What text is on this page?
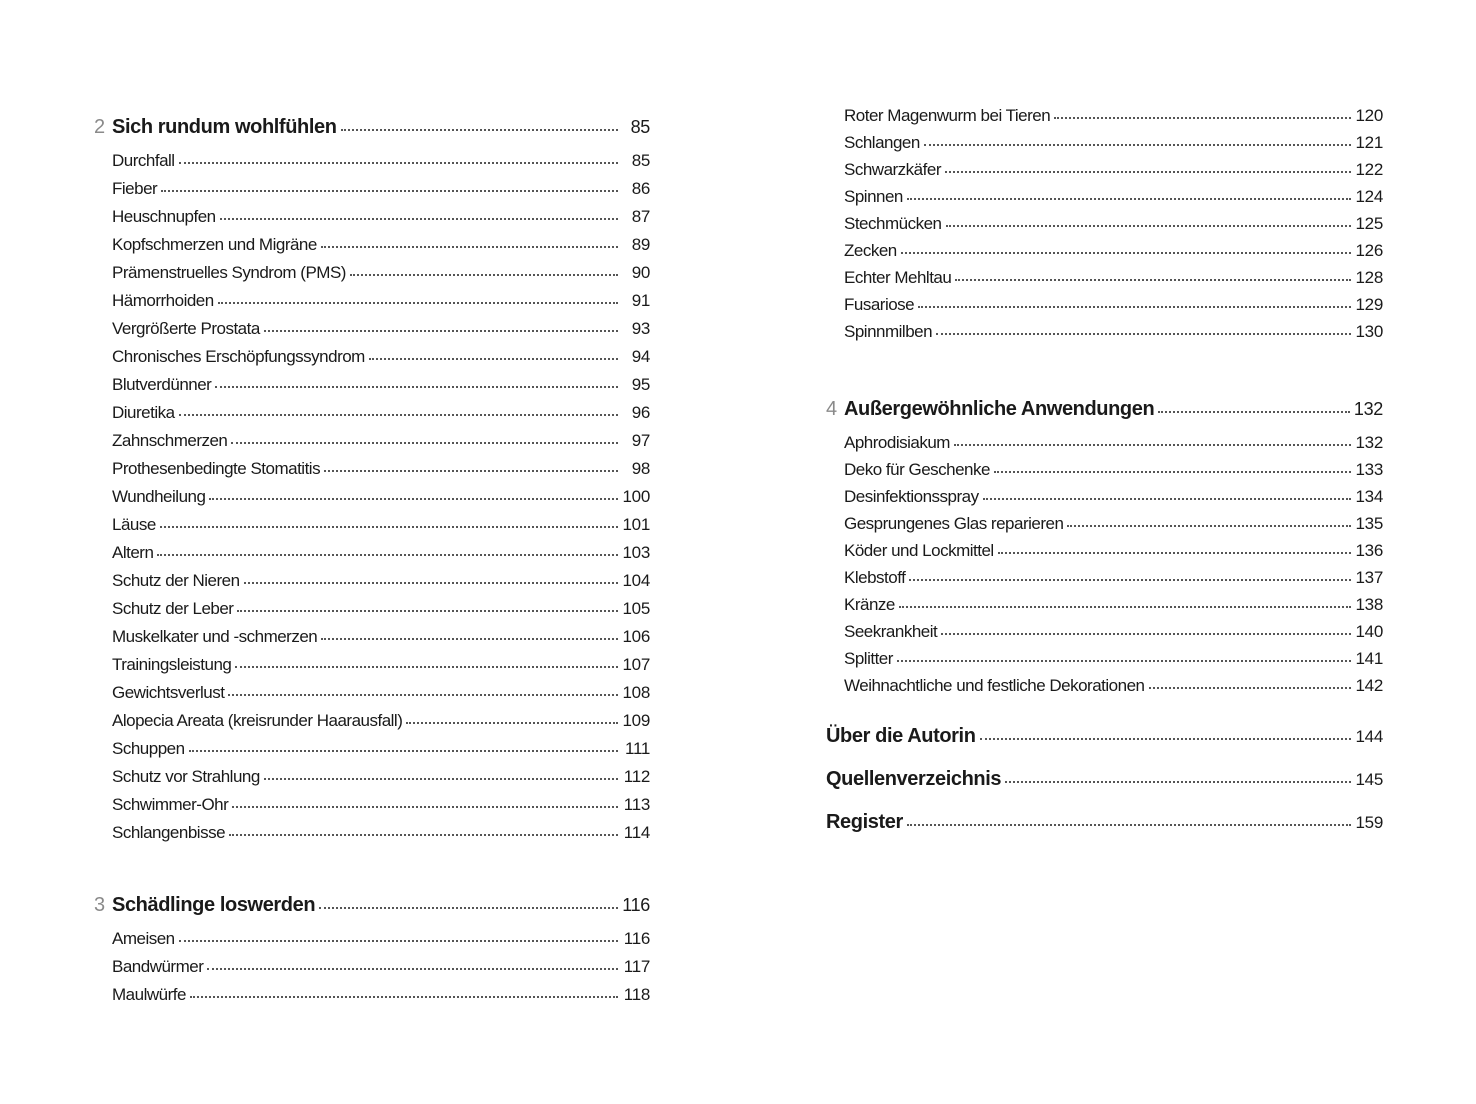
2 Sich rundum wohlfühlen	85
Durchfall	85
Fieber	86
Heuschnupfen	87
Kopfschmerzen und Migräne	89
Prämenstruelles Syndrom (PMS)	90
Hämorrhoiden	91
Vergrößerte Prostata	93
Chronisches Erschöpfungssyndrom	94
Blutverdünner	95
Diuretika	96
Zahnschmerzen	97
Prothesenbedingte Stomatitis	98
Wundheilung	100
Läuse	101
Altern	103
Schutz der Nieren	104
Schutz der Leber	105
Muskelkater und -schmerzen	106
Trainingsleistung	107
Gewichtsverlust	108
Alopecia Areata (kreisrunder Haarausfall)	109
Schuppen	111
Schutz vor Strahlung	112
Schwimmer-Ohr	113
Schlangenbisse	114
3 Schädlinge loswerden	116
Ameisen	116
Bandwürmer	117
Maulwürfe	118
Roter Magenwurm bei Tieren	120
Schlangen	121
Schwarzkäfer	122
Spinnen	124
Stechmücken	125
Zecken	126
Echter Mehltau	128
Fusariose	129
Spinnmilben	130
4 Außergewöhnliche Anwendungen	132
Aphrodisiakum	132
Deko für Geschenke	133
Desinfektionsspray	134
Gesprungenes Glas reparieren	135
Köder und Lockmittel	136
Klebstoff	137
Kränze	138
Seekrankheit	140
Splitter	141
Weihnachtliche und festliche Dekorationen	142
Über die Autorin	144
Quellenverzeichnis	145
Register	159
